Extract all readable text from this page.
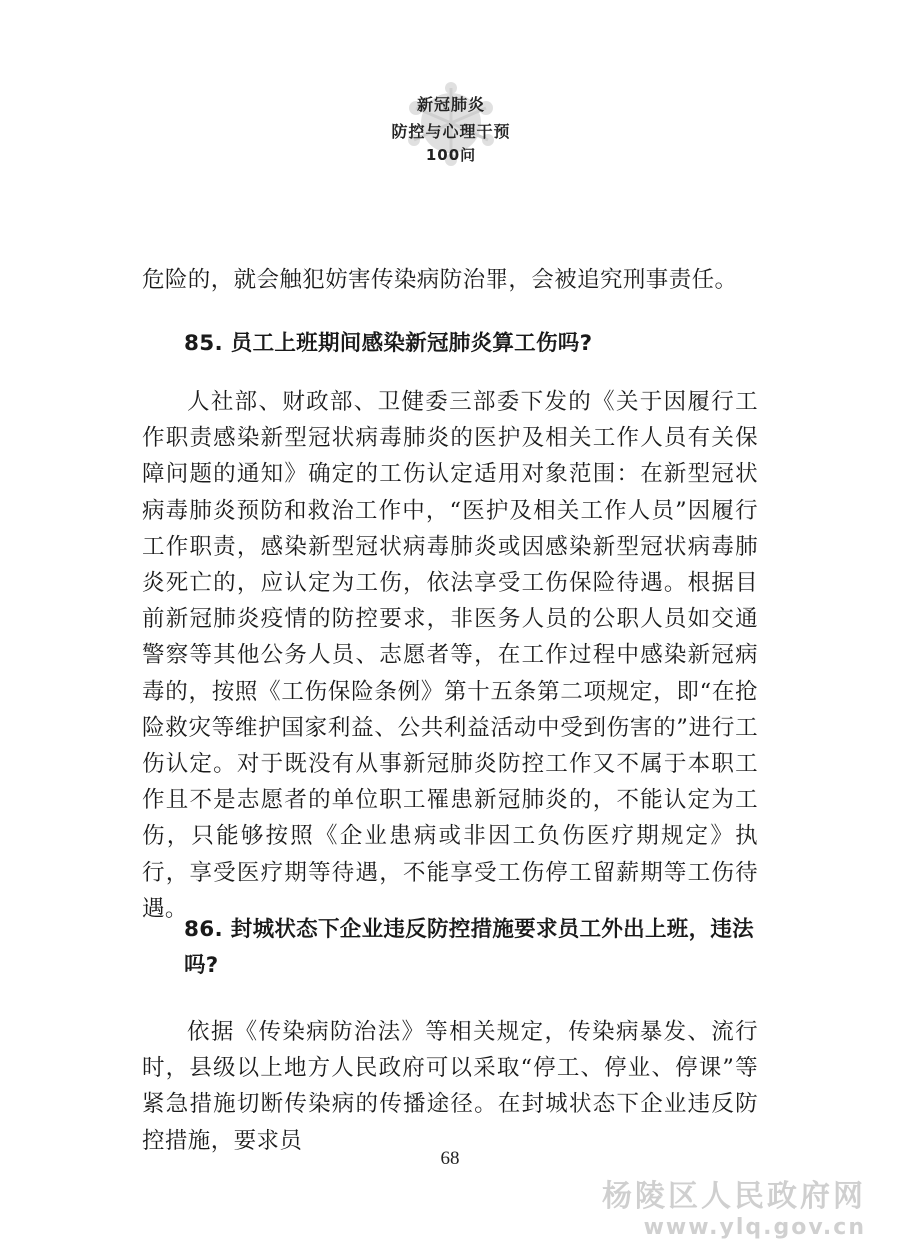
新冠肺炎
防控与心理干预
100问

危险的，就会触犯妨害传染病防治罪，会被追究刑事责任。

85. 员工上班期间感染新冠肺炎算工伤吗?

人社部、财政部、卫健委三部委下发的《关于因履行工作职责感染新型冠状病毒肺炎的医护及相关工作人员有关保障问题的通知》确定的工伤认定适用对象范围：在新型冠状病毒肺炎预防和救治工作中，“医护及相关工作人员”因履行工作职责，感染新型冠状病毒肺炎或因感染新型冠状病毒肺炎死亡的，应认定为工伤，依法享受工伤保险待遇。根据目前新冠肺炎疫情的防控要求，非医务人员的公职人员如交通警察等其他公务人员、志愿者等，在工作过程中感染新冠病毒的，按照《工伤保险条例》第十五条第二项规定，即“在抢险救灾等维护国家利益、公共利益活动中受到伤害的”进行工伤认定。对于既没有从事新冠肺炎防控工作又不属于本职工作且不是志愿者的单位职工罹患新冠肺炎的，不能认定为工伤，只能够按照《企业患病或非因工负伤医疗期规定》执行，享受医疗期等待遇，不能享受工伤停工留薪期等工伤待遇。

86. 封城状态下企业违反防控措施要求员工外出上班，违法吗?

依据《传染病防治法》等相关规定，传染病暴发、流行时，县级以上地方人民政府可以采取“停工、停业、停课”等紧急措施切断传染病的传播途径。在封城状态下企业违反防控措施，要求员

68
杨陵区人民政府网
www.ylq.gov.cn
